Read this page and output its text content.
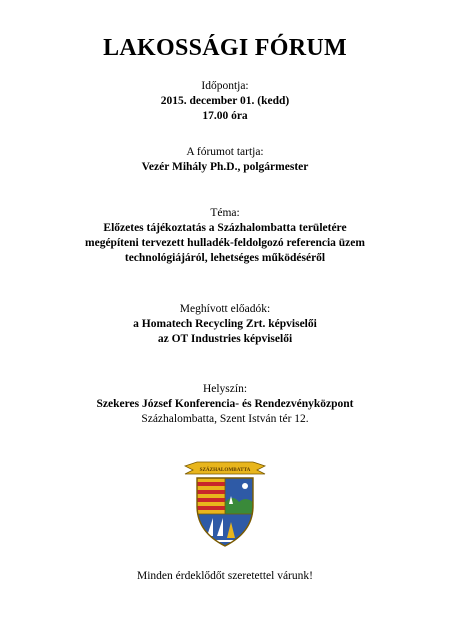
LAKOSSÁGI FÓRUM
Időpontja:
2015. december 01. (kedd)
17.00 óra
A fórumot tartja:
Vezér Mihály Ph.D., polgármester
Téma:
Előzetes tájékoztatás a Százhalombatta területére
megépíteni tervezett hulladék-feldolgozó referencia üzem
technológiájáról, lehetséges működéséről
Meghívott előadók:
a Homatech Recycling Zrt. képviselői
az OT Industries képviselői
Helyszín:
Szekeres József Konferencia- és Rendezvényközpont
Százhalombatta, Szent István tér 12.
SZÁZHALOMBATTA
Minden érdeklődőt szeretettel várunk!
